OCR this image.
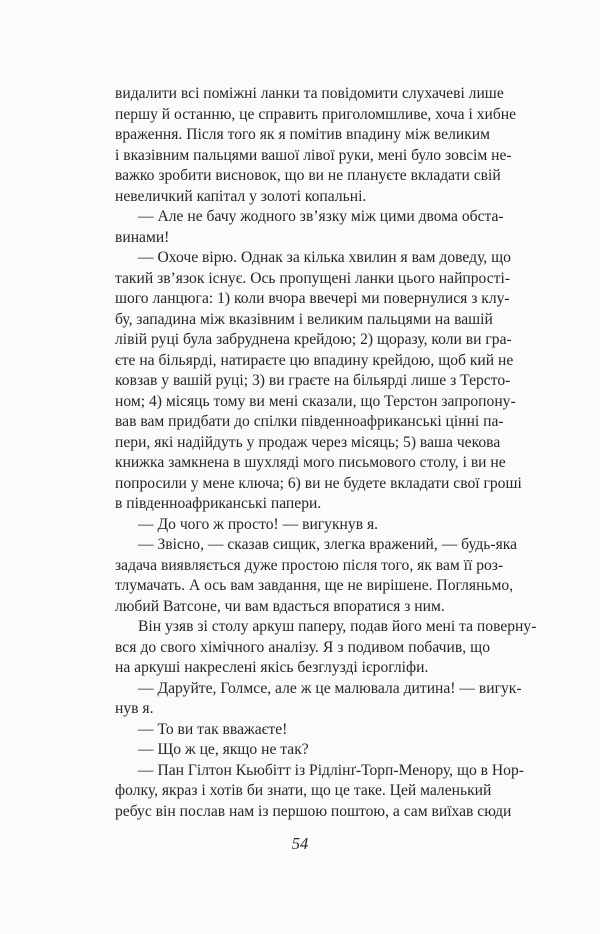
видалити всі поміжні ланки та повідомити слухачеві лише
першу й останню, це справить приголомшливе, хоча і хибне
враження. Після того як я помітив впадину між великим
і вказівним пальцями вашої лівої руки, мені було зовсім не-
важко зробити висновок, що ви не плануєте вкладати свій
невеличкий капітал у золоті копальні.
— Але не бачу жодного зв’язку між цими двома обста-
винами!
— Охоче вірю. Однак за кілька хвилин я вам доведу, що
такий зв’язок існує. Ось пропущені ланки цього найпрості-
шого ланцюга: 1) коли вчора ввечері ми повернулися з клу-
бу, западина між вказівним і великим пальцями на вашій
лівій руці була забруднена крейдою; 2) щоразу, коли ви гра-
єте на більярді, натираєте цю впадину крейдою, щоб кий не
ковзав у вашій руці; 3) ви граєте на більярді лише з Терсто-
ном; 4) місяць тому ви мені сказали, що Терстон запропону-
вав вам придбати до спілки південноафриканські цінні па-
пери, які надійдуть у продаж через місяць; 5) ваша чекова
книжка замкнена в шухляді мого письмового столу, і ви не
попросили у мене ключа; 6) ви не будете вкладати свої гроші
в південноафриканські папери.
— До чого ж просто! — вигукнув я.
— Звісно, — сказав сищик, злегка вражений, — будь-яка
задача виявляється дуже простою після того, як вам її роз-
тлумачать. А ось вам завдання, ще не вирішене. Погляньмо,
любий Ватсоне, чи вам вдасться впоратися з ним.
Він узяв зі столу аркуш паперу, подав його мені та поверну-
вся до свого хімічного аналізу. Я з подивом побачив, що
на аркуші накреслені якісь безглузді ієрогліфи.
— Даруйте, Голмсе, але ж це малювала дитина! — вигук-
нув я.
— То ви так вважаєте!
— Що ж це, якщо не так?
— Пан Гілтон Кьюбітт із Рідлінґ-Торп-Менору, що в Нор-
фолку, якраз і хотів би знати, що це таке. Цей маленький
ребус він послав нам із першою поштою, а сам виїхав сюди
54
